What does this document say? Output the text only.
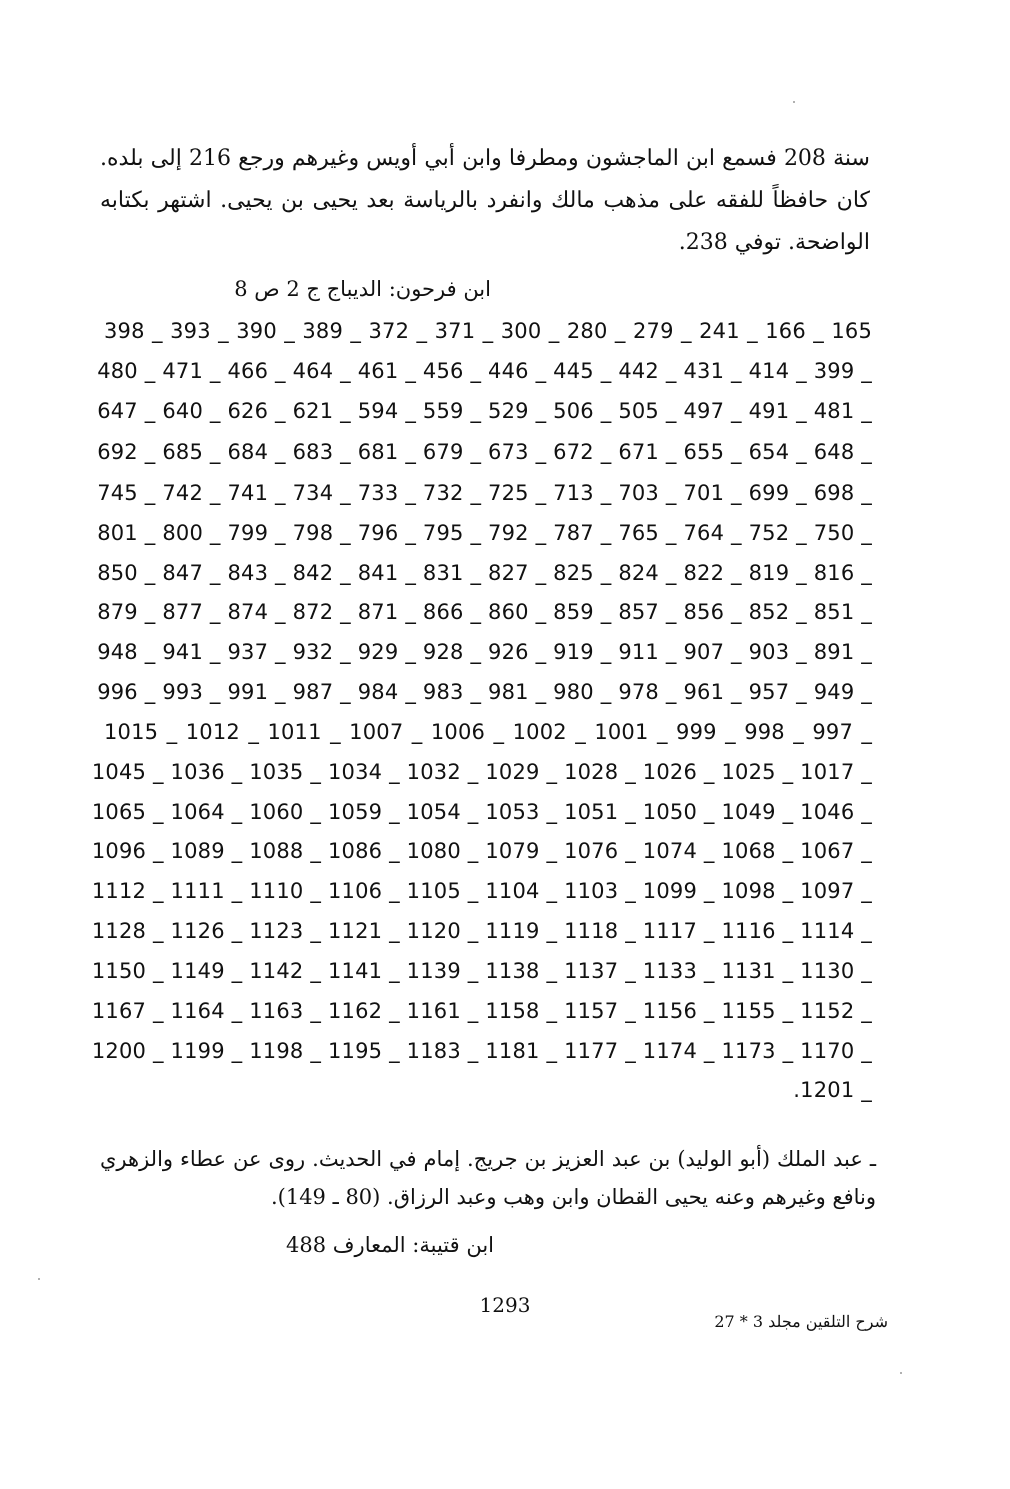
سنة 208 فسمع ابن الماجشون ومطرفا وابن أبي أويس وغيرهم ورجع 216 إلى بلده. كان حافظاً للفقه على مذهب مالك وانفرد بالرياسة بعد يحيى بن يحيى. اشتهر بكتابه الواضحة. توفي 238.
ابن فرحون: الديباج ج 2 ص 8
165 _ 166 _ 241 _ 279 _ 280 _ 300 _ 371 _ 372 _ 389 _ 390 _ 393 _ 398
_ 399 _ 414 _ 431 _ 442 _ 445 _ 446 _ 456 _ 461 _ 464 _ 466 _ 471 _ 480
_ 481 _ 491 _ 497 _ 505 _ 506 _ 529 _ 559 _ 594 _ 621 _ 626 _ 640 _ 647
_ 648 _ 654 _ 655 _ 671 _ 672 _ 673 _ 679 _ 681 _ 683 _ 684 _ 685 _ 692
_ 698 _ 699 _ 701 _ 703 _ 713 _ 725 _ 732 _ 733 _ 734 _ 741 _ 742 _ 745
_ 750 _ 752 _ 764 _ 765 _ 787 _ 792 _ 795 _ 796 _ 798 _ 799 _ 800 _ 801
_ 816 _ 819 _ 822 _ 824 _ 825 _ 827 _ 831 _ 841 _ 842 _ 843 _ 847 _ 850
_ 851 _ 852 _ 856 _ 857 _ 859 _ 860 _ 866 _ 871 _ 872 _ 874 _ 877 _ 879
_ 891 _ 903 _ 907 _ 911 _ 919 _ 926 _ 928 _ 929 _ 932 _ 937 _ 941 _ 948
_ 949 _ 957 _ 961 _ 978 _ 980 _ 981 _ 983 _ 984 _ 987 _ 991 _ 993 _ 996
_ 997 _ 998 _ 999 _ 1001 _ 1002 _ 1006 _ 1007 _ 1011 _ 1012 _ 1015
_ 1017 _ 1025 _ 1026 _ 1028 _ 1029 _ 1032 _ 1034 _ 1035 _ 1036 _ 1045
_ 1046 _ 1049 _ 1050 _ 1051 _ 1053 _ 1054 _ 1059 _ 1060 _ 1064 _ 1065
_ 1067 _ 1068 _ 1074 _ 1076 _ 1079 _ 1080 _ 1086 _ 1088 _ 1089 _ 1096
_ 1097 _ 1098 _ 1099 _ 1103 _ 1104 _ 1105 _ 1106 _ 1110 _ 1111 _ 1112
_ 1114 _ 1116 _ 1117 _ 1118 _ 1119 _ 1120 _ 1121 _ 1123 _ 1126 _ 1128
_ 1130 _ 1131 _ 1133 _ 1137 _ 1138 _ 1139 _ 1141 _ 1142 _ 1149 _ 1150
_ 1152 _ 1155 _ 1156 _ 1157 _ 1158 _ 1161 _ 1162 _ 1163 _ 1164 _ 1167
_ 1170 _ 1173 _ 1174 _ 1177 _ 1181 _ 1183 _ 1195 _ 1198 _ 1199 _ 1200
_ 1201.
ـ عبد الملك (أبو الوليد) بن عبد العزيز بن جريج. إمام في الحديث. روى عن عطاء والزهري ونافع وغيرهم وعنه يحيى القطان وابن وهب وعبد الرزاق. (80 ـ 149).
ابن قتيبة: المعارف 488
1293
شرح التلقين مجلد 3 * 27
